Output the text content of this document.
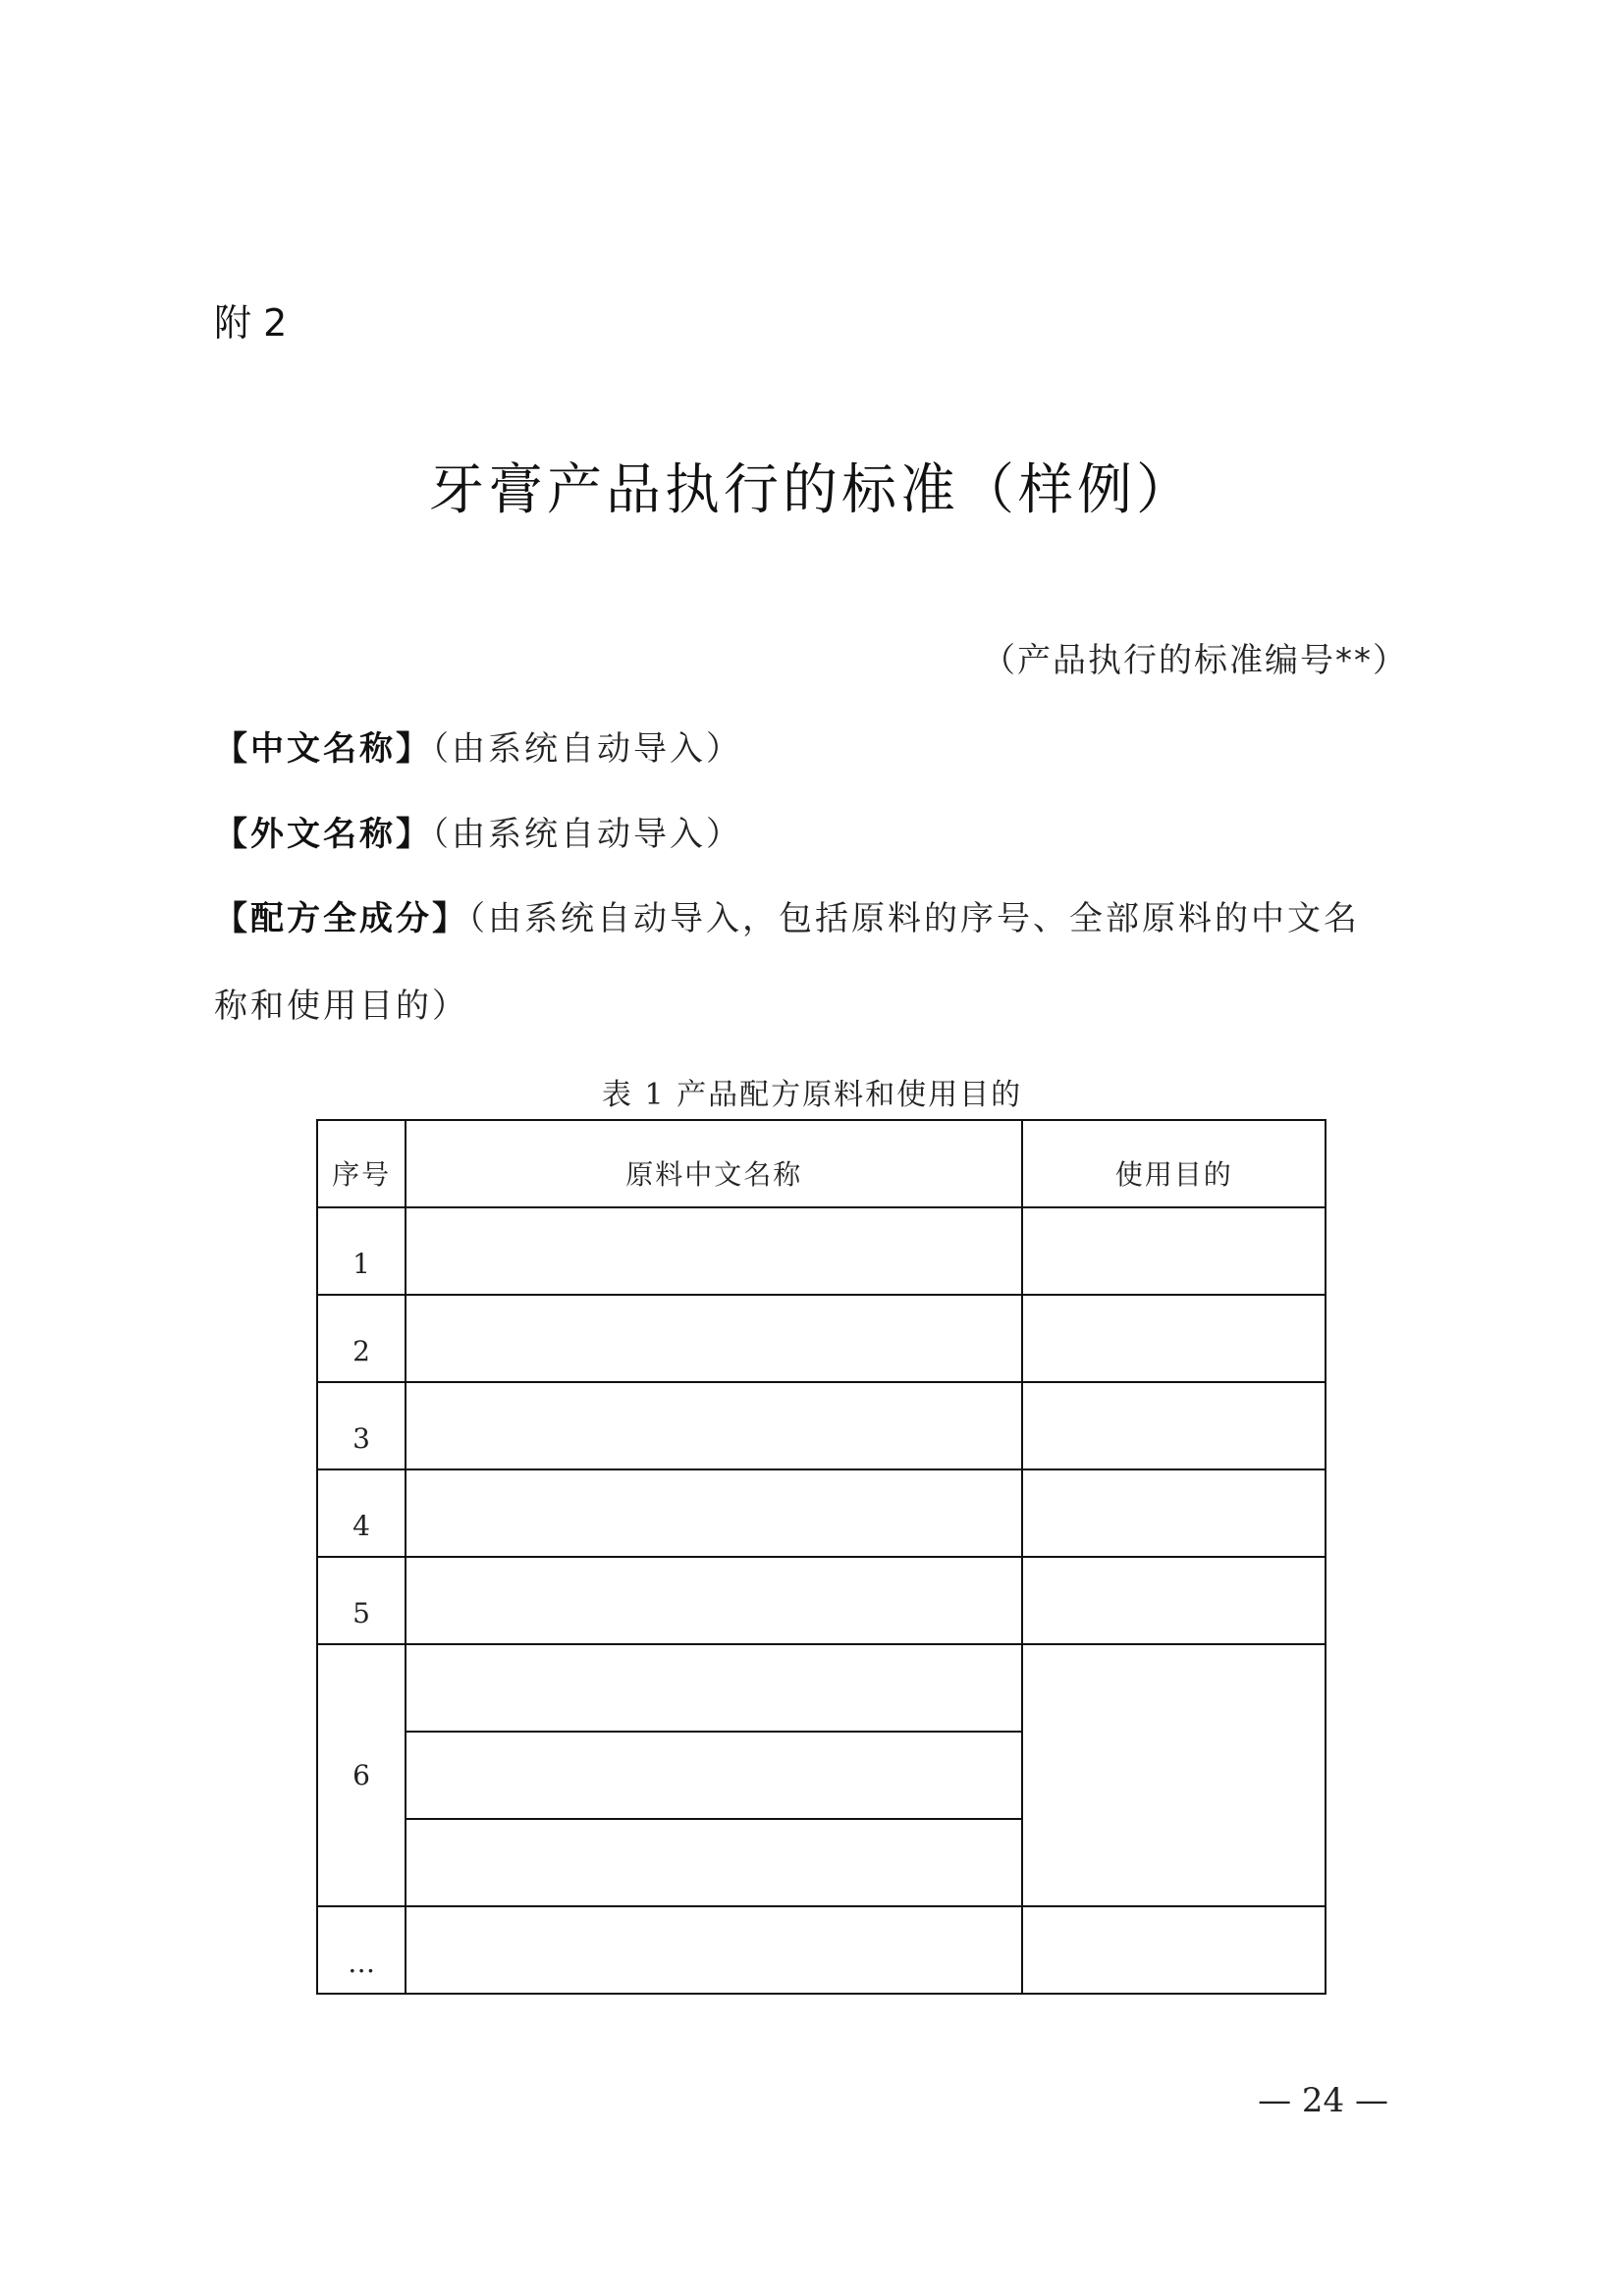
附 2
牙膏产品执行的标准（样例）
（产品执行的标准编号**）
【中文名称】（由系统自动导入）
【外文名称】（由系统自动导入）
【配方全成分】（由系统自动导入，包括原料的序号、全部原料的中文名
称和使用目的）
表 1 产品配方原料和使用目的
序号	原料中文名称	使用目的
1		
2		
3		
4		
5		
6		

…		
— 24 —
